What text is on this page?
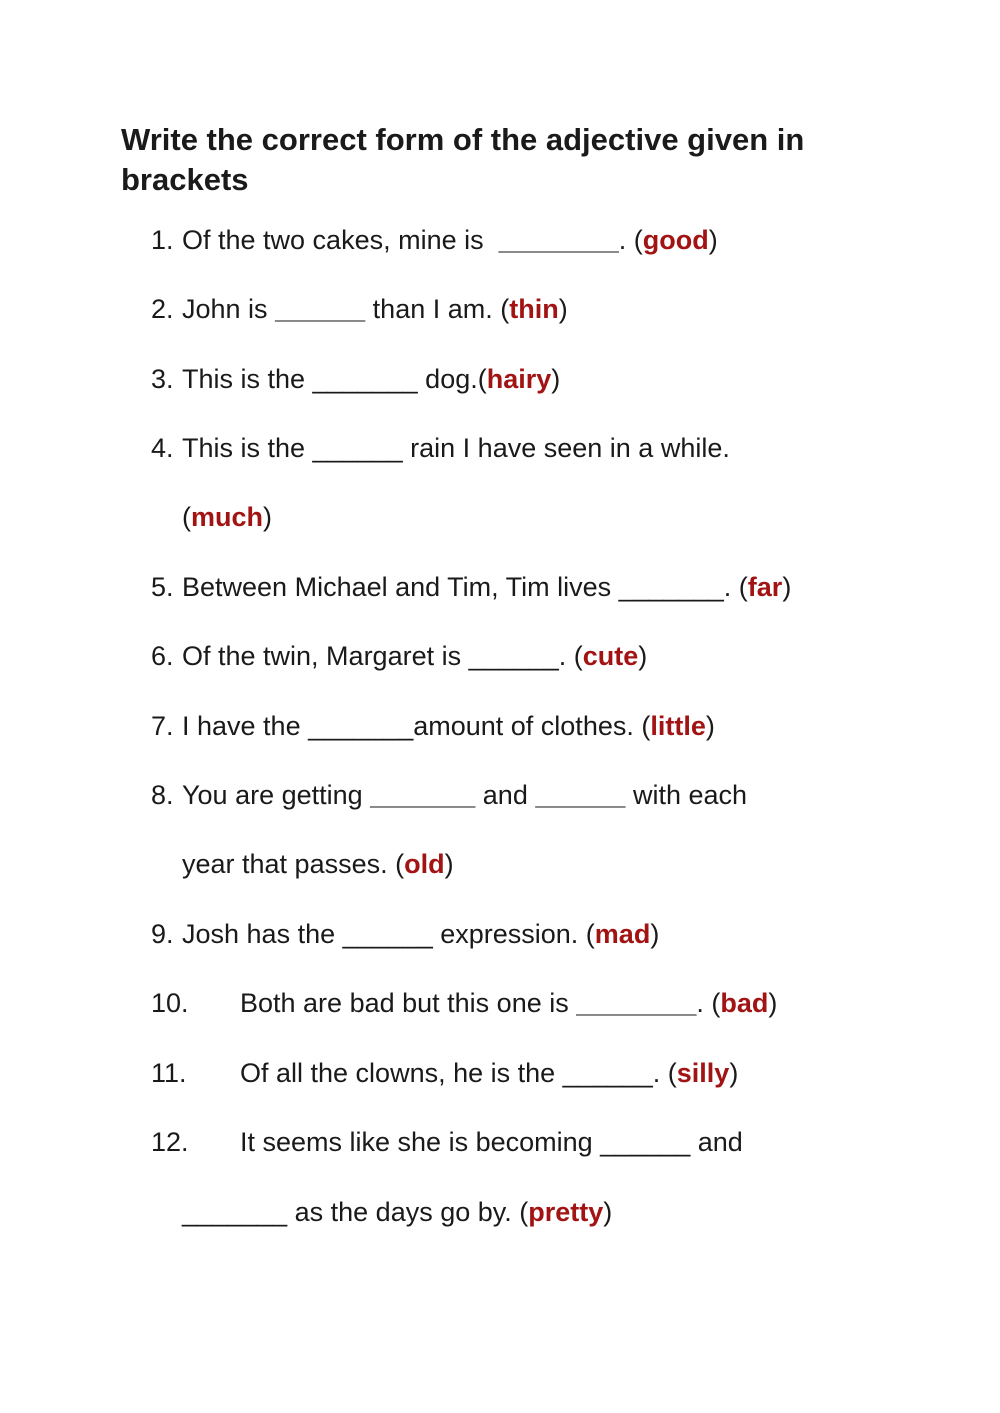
Write the correct form of the adjective given in brackets
1. Of the two cakes, mine is  ________. (good)
2. John is ______ than I am. (thin)
3. This is the _______ dog.(hairy)
4. This is the ______ rain I have seen in a while.
(much)
5. Between Michael and Tim, Tim lives _______. (far)
6. Of the twin, Margaret is ______. (cute)
7. I have the _______amount of clothes. (little)
8. You are getting _______ and ______ with each
year that passes. (old)
9. Josh has the ______ expression. (mad)
10. Both are bad but this one is ________. (bad)
11. Of all the clowns, he is the ______. (silly)
12. It seems like she is becoming ______ and
_______ as the days go by. (pretty)
